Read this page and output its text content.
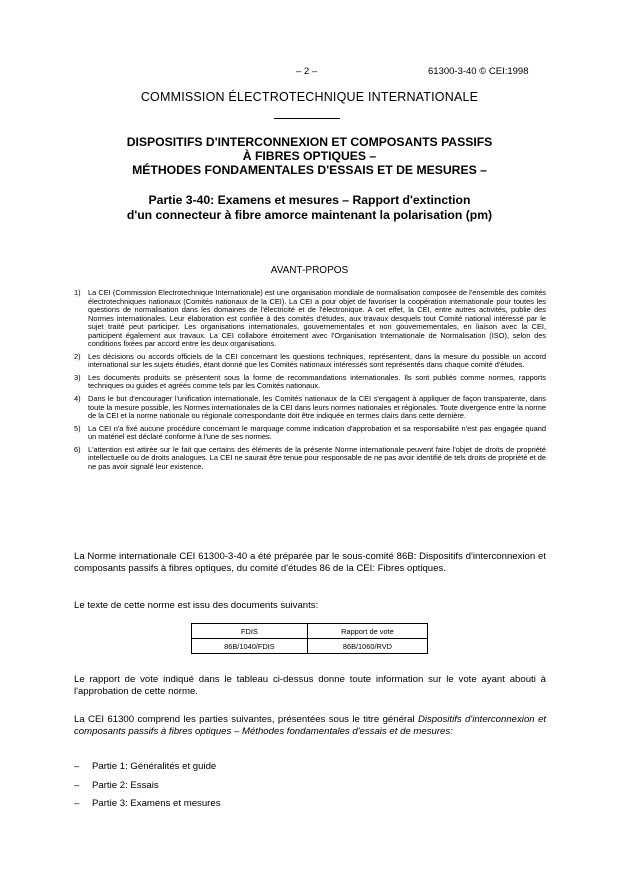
– 2 –	61300-3-40 © CEI:1998
COMMISSION ÉLECTROTECHNIQUE INTERNATIONALE
DISPOSITIFS D'INTERCONNEXION ET COMPOSANTS PASSIFS
À FIBRES OPTIQUES –
MÉTHODES FONDAMENTALES D'ESSAIS ET DE MESURES –
Partie 3-40: Examens et mesures – Rapport d'extinction
d'un connecteur à fibre amorce maintenant la polarisation (pm)
AVANT-PROPOS
1) La CEI (Commission Electrotechnique Internationale) est une organisation mondiale de normalisation composée de l'ensemble des comités électrotechniques nationaux (Comités nationaux de la CEI). La CEI a pour objet de favoriser la coopération internationale pour toutes les questions de normalisation dans les domaines de l'électricité et de l'électronique. A cet effet, la CEI, entre autres activités, publie des Normes internationales. Leur élaboration est confiée à des comités d'études, aux travaux desquels tout Comité national intéressé par le sujet traité peut participer. Les organisations internationales, gouvernementales et non gouvernementales, en liaison avec la CEI, participent également aux travaux. La CEI collabore étroitement avec l'Organisation Internationale de Normalisation (ISO), selon des conditions fixées par accord entre les deux organisations.
2) Les décisions ou accords officiels de la CEI concernant les questions techniques, représentent, dans la mesure du possible un accord international sur les sujets étudiés, étant donné que les Comités nationaux intéressés sont représentés dans chaque comité d'études.
3) Les documents produits se présentent sous la forme de recommandations internationales. Ils sont publiés comme normes, rapports techniques ou guides et agréés comme tels par les Comités nationaux.
4) Dans le but d'encourager l'unification internationale, les Comités nationaux de la CEI s'engagent à appliquer de façon transparente, dans toute la mesure possible, les Normes internationales de la CEI dans leurs normes nationales et régionales. Toute divergence entre la norme de la CEI et la norme nationale ou régionale correspondante doit être indiquée en termes clairs dans cette dernière.
5) La CEI n'a fixé aucune procédure concernant le marquage comme indication d'approbation et sa responsabilité n'est pas engagée quand un matériel est déclaré conforme à l'une de ses normes.
6) L'attention est attirée sur le fait que certains des éléments de la présente Norme internationale peuvent faire l'objet de droits de propriété intellectuelle ou de droits analogues. La CEI ne saurait être tenue pour responsable de ne pas avoir identifié de tels droits de propriété et de ne pas avoir signalé leur existence.
La Norme internationale CEI 61300-3-40 a été préparée par le sous-comité 86B: Dispositifs d'interconnexion et composants passifs à fibres optiques, du comité d'études 86 de la CEI: Fibres optiques.
Le texte de cette norme est issu des documents suivants:
FDIS	Rapport de vote
86B/1040/FDIS	86B/1060/RVD
Le rapport de vote indiqué dans le tableau ci-dessus donne toute information sur le vote ayant abouti à l'approbation de cette norme.
La CEI 61300 comprend les parties suivantes, présentées sous le titre général Dispositifs d'interconnexion et composants passifs à fibres optiques – Méthodes fondamentales d'essais et de mesures:
– Partie 1: Généralités et guide
– Partie 2: Essais
– Partie 3: Examens et mesures
